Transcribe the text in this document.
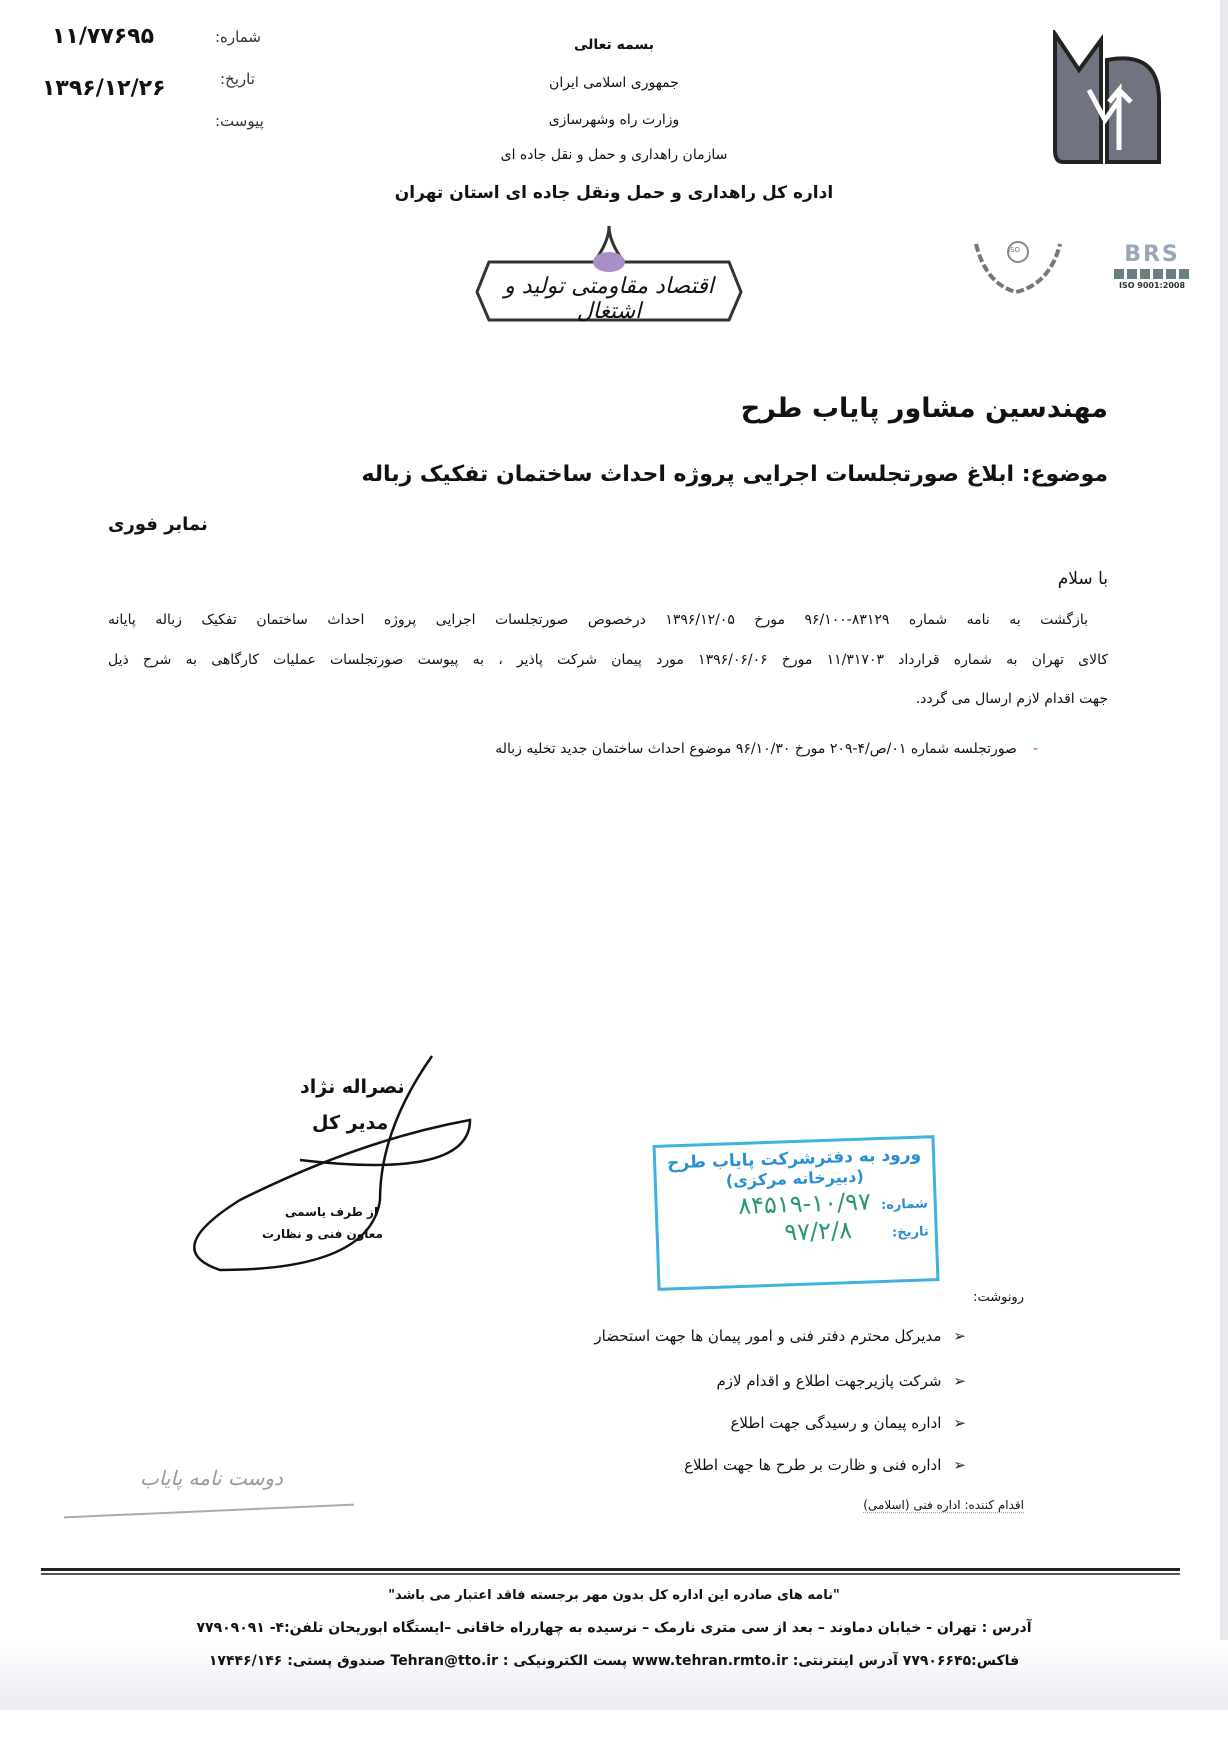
شماره:
۱۱/۷۷۶۹۵
تاریخ:
۱۳۹۶/۱۲/۲۶
پیوست:
بسمه تعالی
جمهوری اسلامی ایران
وزارت راه وشهرسازی
سازمان راهداری و حمل و نقل جاده ای
اداره کل راهداری و حمل ونقل جاده ای استان تهران
اقتصاد مقاومتی تولید و اشتغال
ISO	BRS
ISO 9001:2008
مهندسین مشاور پایاب طرح
موضوع: ابلاغ صورتجلسات اجرایی پروژه احداث ساختمان تفکیک زباله
نمابر فوری
با سلام
بازگشت به نامه شماره ۸۳۱۲۹-۹۶/۱۰۰ مورخ ۱۳۹۶/۱۲/۰۵ درخصوص صورتجلسات اجرایی پروژه احداث ساختمان تفکیک زباله پایانه
کالای تهران به شماره قرارداد ۱۱/۳۱۷۰۳ مورخ ۱۳۹۶/۰۶/۰۶ مورد پیمان شرکت پاذیر ، به پیوست صورتجلسات عملیات کارگاهی به شرح ذیل
جهت اقدام لازم ارسال می گردد.
-صورتجلسه شماره ۰۱/ص/۴-۲۰۹ مورخ ۹۶/۱۰/۳۰ موضوع احداث ساختمان جدید تخلیه زباله
نصراله نژاد
مدیر کل
از طرف یاسمی
معاون فنی و نظارت
ورود به دفترشرکت پایاب طرح
(دبیرخانه مرکزی)
شماره:۱۰/۹۷-۸۴۵۱۹
تاریخ:۹۷/۲/۸
رونوشت:
➢مدیرکل محترم دفتر فنی و امور پیمان ها جهت استحضار
➢شرکت پازیرجهت اطلاع و اقدام لازم
➢اداره پیمان و رسیدگی جهت اطلاع
➢اداره فنی و ظارت بر طرح ها جهت اطلاع
اقدام کننده: اداره فنی (اسلامی)
دوست نامه پایاب
"نامه های صادره این اداره کل بدون مهر برجسته فاقد اعتبار می باشد"
آدرس : تهران - خیابان دماوند – بعد از سی متری نارمک – نرسیده به چهارراه خاقانی –ایستگاه ابوریحان تلفن:۴- ۷۷۹۰۹۰۹۱
فاکس:۷۷۹۰۶۶۴۵ آدرس اینترنتی: www.tehran.rmto.ir پست الکترونیکی : Tehran@tto.ir صندوق پستی: ۱۷۴۴۶/۱۴۶
